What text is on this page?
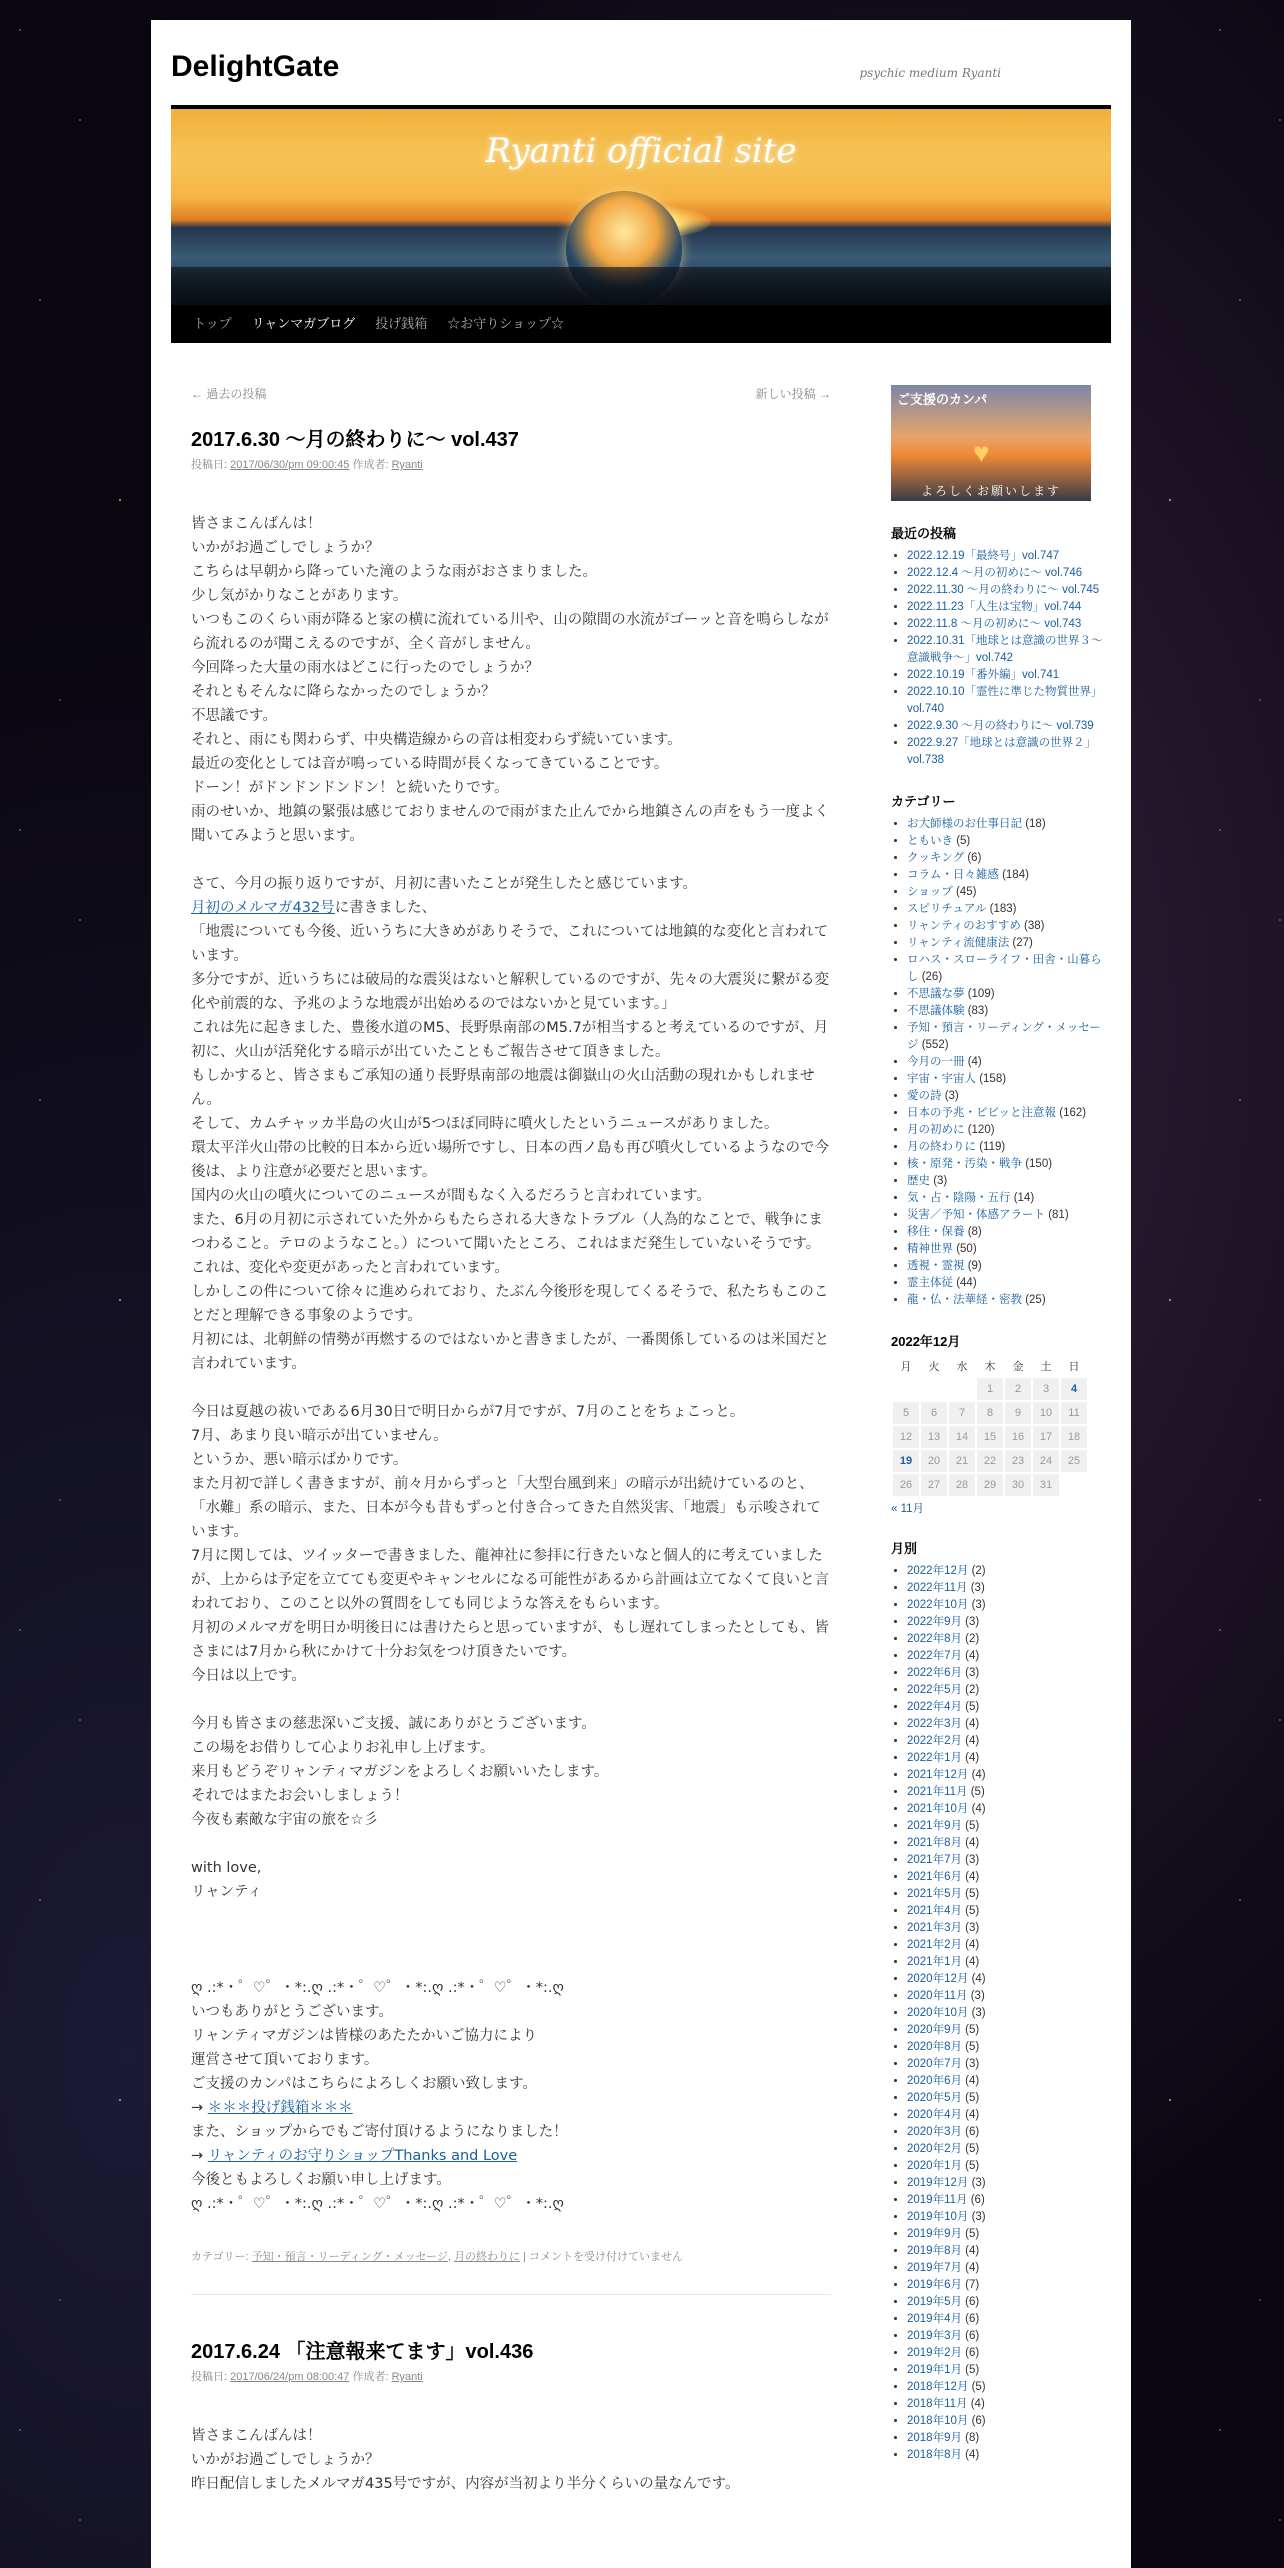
DelightGate	psychic medium Ryanti
Ryanti official site
トップ	リャンマガブログ	投げ銭箱	☆お守りショップ☆
← 過去の投稿	新しい投稿 →
2017.6.30 ～月の終わりに～ vol.437
投稿日: 2017/06/30/pm 09:00:45 作成者: Ryanti

皆さまこんばんは！

いかがお過ごしでしょうか？

こちらは早朝から降っていた滝のような雨がおさまりました。

少し気がかりなことがあります。

いつもこのくらい雨が降ると家の横に流れている川や、山の隙間の水流がゴーッと音を鳴らしながら流れるのが聞こえるのですが、全く音がしません。

今回降った大量の雨水はどこに行ったのでしょうか？

それともそんなに降らなかったのでしょうか？

不思議です。

それと、雨にも関わらず、中央構造線からの音は相変わらず続いています。

最近の変化としては音が鳴っている時間が長くなってきていることです。

ドーン！がドンドンドンドン！と続いたりです。

雨のせいか、地鎮の緊張は感じておりませんので雨がまた止んでから地鎮さんの声をもう一度よく聞いてみようと思います。

さて、今月の振り返りですが、月初に書いたことが発生したと感じています。

月初のメルマガ432号に書きました、

「地震についても今後、近いうちに大きめがありそうで、これについては地鎮的な変化と言われています。

多分ですが、近いうちには破局的な震災はないと解釈しているのですが、先々の大震災に繋がる変化や前震的な、予兆のような地震が出始めるのではないかと見ています。」

これは先に起きました、豊後水道のM5、長野県南部のM5.7が相当すると考えているのですが、月初に、火山が活発化する暗示が出ていたこともご報告させて頂きました。

もしかすると、皆さまもご承知の通り長野県南部の地震は御嶽山の火山活動の現れかもしれません。

そして、カムチャッカ半島の火山が5つほぼ同時に噴火したというニュースがありました。

環太平洋火山帯の比較的日本から近い場所ですし、日本の西ノ島も再び噴火しているようなので今後は、より注意が必要だと思います。

国内の火山の噴火についてのニュースが間もなく入るだろうと言われています。

また、6月の月初に示されていた外からもたらされる大きなトラブル（人為的なことで、戦争にまつわること。テロのようなこと。）について聞いたところ、これはまだ発生していないそうです。

これは、変化や変更があったと言われています。

しかしこの件について徐々に進められており、たぶん今後形を現してくるそうで、私たちもこのことだと理解できる事象のようです。

月初には、北朝鮮の情勢が再燃するのではないかと書きましたが、一番関係しているのは米国だと言われています。

今日は夏越の祓いである6月30日で明日からが7月ですが、7月のことをちょこっと。

7月、あまり良い暗示が出ていません。

というか、悪い暗示ばかりです。

また月初で詳しく書きますが、前々月からずっと「大型台風到来」の暗示が出続けているのと、「水難」系の暗示、また、日本が今も昔もずっと付き合ってきた自然災害、「地震」も示唆されています。

7月に関しては、ツイッターで書きました、龍神社に参拝に行きたいなと個人的に考えていましたが、上からは予定を立てても変更やキャンセルになる可能性があるから計画は立てなくて良いと言われており、このこと以外の質問をしても同じような答えをもらいます。

月初のメルマガを明日か明後日には書けたらと思っていますが、もし遅れてしまったとしても、皆さまには7月から秋にかけて十分お気をつけ頂きたいです。

今日は以上です。

今月も皆さまの慈悲深いご支援、誠にありがとうございます。

この場をお借りして心よりお礼申し上げます。

来月もどうぞリャンティマガジンをよろしくお願いいたします。

それではまたお会いしましょう！

今夜も素敵な宇宙の旅を☆彡

with love,

リャンティ

ღ .:*・゜♡゜・*:.ღ .:*・゜♡゜・*:.ღ .:*・゜♡゜・*:.ღ

いつもありがとうございます。

リャンティマガジンは皆様のあたたかいご協力により

運営させて頂いております。

ご支援のカンパはこちらによろしくお願い致します。

→ ＊＊＊投げ銭箱＊＊＊

また、ショップからでもご寄付頂けるようになりました！

→ リャンティのお守りショップThanks and Love

今後ともよろしくお願い申し上げます。

ღ .:*・゜♡゜・*:.ღ .:*・゜♡゜・*:.ღ .:*・゜♡゜・*:.ღ

カテゴリー: 予知・預言・リーディング・メッセージ, 月の終わりに | コメントを受け付けていません
2017.6.24 「注意報来てます」vol.436
投稿日: 2017/06/24/pm 08:00:47 作成者: Ryanti

皆さまこんばんは！

いかがお過ごしでしょうか？

昨日配信しましたメルマガ435号ですが、内容が当初より半分くらいの量なんです。

ご支援のカンパ
♥
よろしくお願いします
最近の投稿
• 2022.12.19「最終号」vol.747
• 2022.12.4 ～月の初めに～ vol.746
• 2022.11.30 ～月の終わりに～ vol.745
• 2022.11.23「人生は宝物」vol.744
• 2022.11.8 ～月の初めに～ vol.743
• 2022.10.31「地球とは意識の世界３～意識戦争～」vol.742
• 2022.10.19「番外編」vol.741
• 2022.10.10「霊性に準じた物質世界」vol.740
• 2022.9.30 ～月の終わりに～ vol.739
• 2022.9.27「地球とは意識の世界２」vol.738
カテゴリー
• お大師様のお仕事日記 (18)
• ともいき (5)
• クッキング (6)
• コラム・日々雑感 (184)
• ショップ (45)
• スピリチュアル (183)
• リャンティのおすすめ (38)
• リャンティ流健康法 (27)
• ロハス・スローライフ・田舎・山暮らし (26)
• 不思議な夢 (109)
• 不思議体験 (83)
• 予知・預言・リーディング・メッセージ (552)
• 今月の一冊 (4)
• 宇宙・宇宙人 (158)
• 愛の詩 (3)
• 日本の予兆・ビビッと注意報 (162)
• 月の初めに (120)
• 月の終わりに (119)
• 核・原発・汚染・戦争 (150)
• 歴史 (3)
• 気・占・陰陽・五行 (14)
• 災害／予知・体感アラート (81)
• 移住・保養 (8)
• 精神世界 (50)
• 透視・霊視 (9)
• 霊主体従 (44)
• 龍・仏・法華経・密教 (25)
2022年12月
月	火	水	木	金	土	日
			1	2	3	4
5	6	7	8	9	10	11
12	13	14	15	16	17	18
19	20	21	22	23	24	25
26	27	28	29	30	31	
« 11月
月別
• 2022年12月 (2)
• 2022年11月 (3)
• 2022年10月 (3)
• 2022年9月 (3)
• 2022年8月 (2)
• 2022年7月 (4)
• 2022年6月 (3)
• 2022年5月 (2)
• 2022年4月 (5)
• 2022年3月 (4)
• 2022年2月 (4)
• 2022年1月 (4)
• 2021年12月 (4)
• 2021年11月 (5)
• 2021年10月 (4)
• 2021年9月 (5)
• 2021年8月 (4)
• 2021年7月 (3)
• 2021年6月 (4)
• 2021年5月 (5)
• 2021年4月 (5)
• 2021年3月 (3)
• 2021年2月 (4)
• 2021年1月 (4)
• 2020年12月 (4)
• 2020年11月 (3)
• 2020年10月 (3)
• 2020年9月 (5)
• 2020年8月 (5)
• 2020年7月 (3)
• 2020年6月 (4)
• 2020年5月 (5)
• 2020年4月 (4)
• 2020年3月 (6)
• 2020年2月 (5)
• 2020年1月 (5)
• 2019年12月 (3)
• 2019年11月 (6)
• 2019年10月 (3)
• 2019年9月 (5)
• 2019年8月 (4)
• 2019年7月 (4)
• 2019年6月 (7)
• 2019年5月 (6)
• 2019年4月 (6)
• 2019年3月 (6)
• 2019年2月 (6)
• 2019年1月 (5)
• 2018年12月 (5)
• 2018年11月 (4)
• 2018年10月 (6)
• 2018年9月 (8)
• 2018年8月 (4)
